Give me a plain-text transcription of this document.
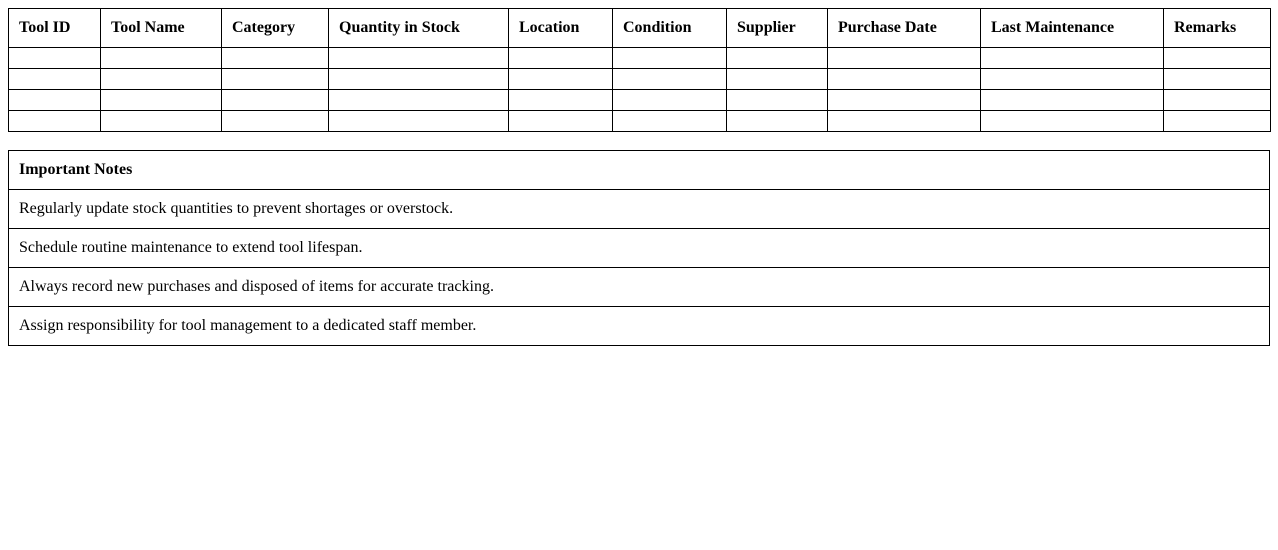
Tool ID	Tool Name	Category	Quantity in Stock	Location	Condition	Supplier	Purchase Date	Last Maintenance	Remarks

Important Notes
Regularly update stock quantities to prevent shortages or overstock.
Schedule routine maintenance to extend tool lifespan.
Always record new purchases and disposed of items for accurate tracking.
Assign responsibility for tool management to a dedicated staff member.
